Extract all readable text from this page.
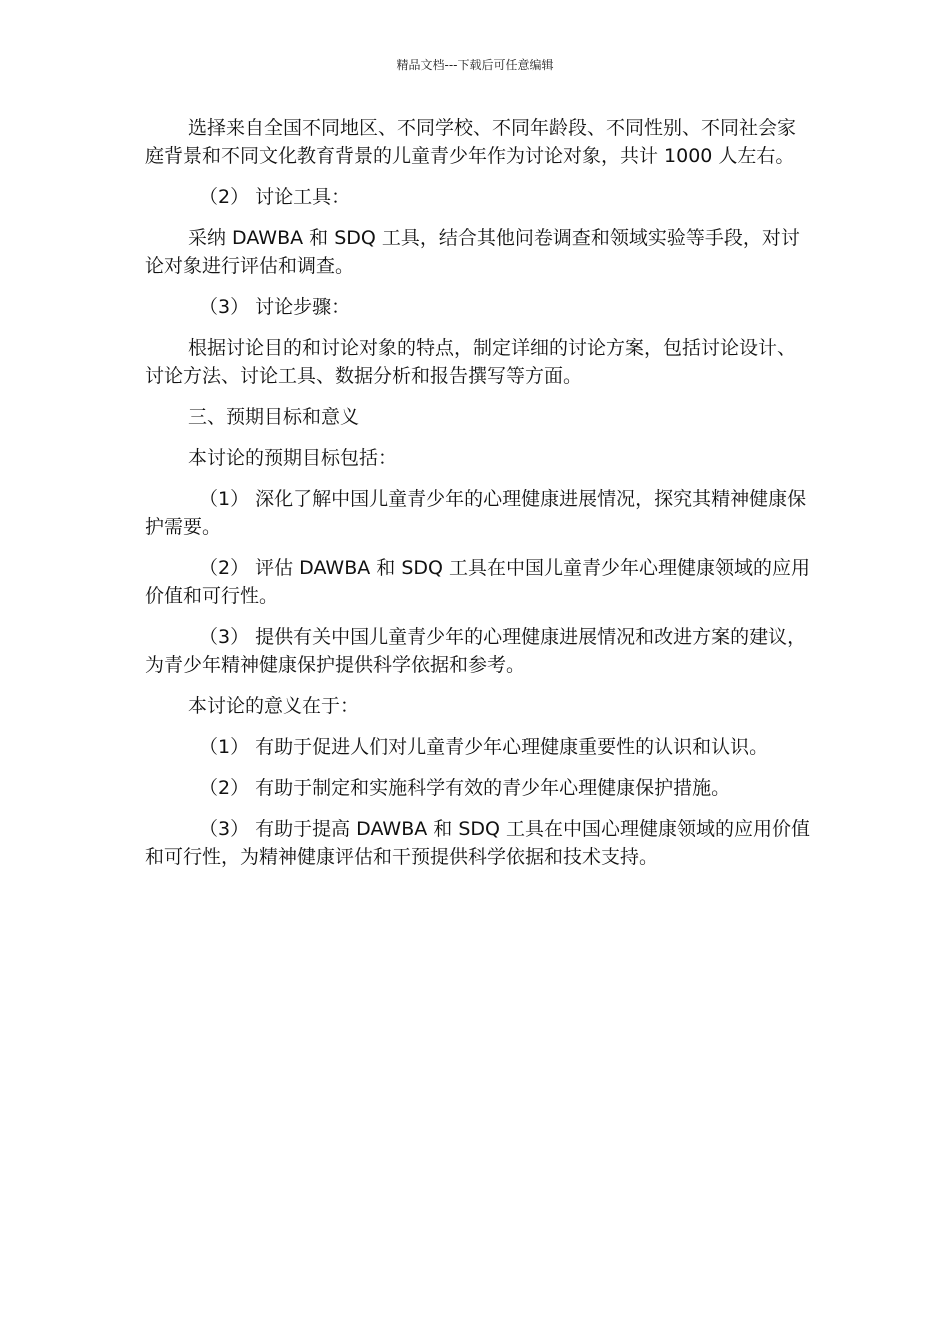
精品文档---下载后可任意编辑

选择来自全国不同地区、不同学校、不同年龄段、不同性别、不同社会家庭背景和不同文化教育背景的儿童青少年作为讨论对象，共计 1000 人左右。

（2） 讨论工具：

采纳 DAWBA 和 SDQ 工具，结合其他问卷调查和领域实验等手段，对讨论对象进行评估和调查。

（3） 讨论步骤：

根据讨论目的和讨论对象的特点，制定详细的讨论方案，包括讨论设计、讨论方法、讨论工具、数据分析和报告撰写等方面。

三、预期目标和意义

本讨论的预期目标包括：

（1） 深化了解中国儿童青少年的心理健康进展情况，探究其精神健康保护需要。

（2） 评估 DAWBA 和 SDQ 工具在中国儿童青少年心理健康领域的应用价值和可行性。

（3） 提供有关中国儿童青少年的心理健康进展情况和改进方案的建议，为青少年精神健康保护提供科学依据和参考。

本讨论的意义在于：

（1） 有助于促进人们对儿童青少年心理健康重要性的认识和认识。

（2） 有助于制定和实施科学有效的青少年心理健康保护措施。

（3） 有助于提高 DAWBA 和 SDQ 工具在中国心理健康领域的应用价值和可行性，为精神健康评估和干预提供科学依据和技术支持。
